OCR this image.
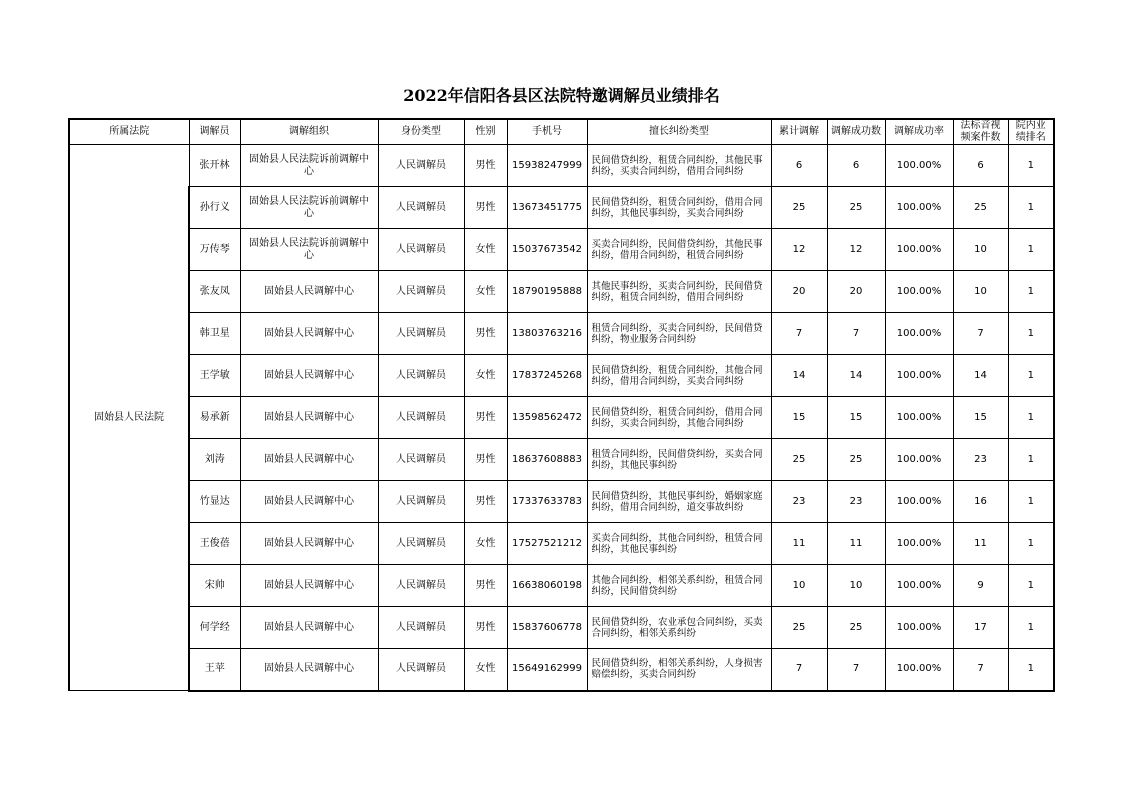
2022年信阳各县区法院特邀调解员业绩排名
所属法院	调解员	调解组织	身份类型	性别	手机号	擅长纠纷类型	累计调解	调解成功数	调解成功率	法标音视频案件数	院内业绩排名
固始县人民法院	张开林	固始县人民法院诉前调解中心	人民调解员	男性	15938247999	民间借贷纠纷，租赁合同纠纷，其他民事纠纷，买卖合同纠纷，借用合同纠纷	6	6	100.00%	6	1
	孙行义	固始县人民法院诉前调解中心	人民调解员	男性	13673451775	民间借贷纠纷，租赁合同纠纷，借用合同纠纷，其他民事纠纷，买卖合同纠纷	25	25	100.00%	25	1
	万传琴	固始县人民法院诉前调解中心	人民调解员	女性	15037673542	买卖合同纠纷，民间借贷纠纷，其他民事纠纷，借用合同纠纷，租赁合同纠纷	12	12	100.00%	10	1
	张友凤	固始县人民调解中心	人民调解员	女性	18790195888	其他民事纠纷，买卖合同纠纷，民间借贷纠纷，租赁合同纠纷，借用合同纠纷	20	20	100.00%	10	1
	韩卫星	固始县人民调解中心	人民调解员	男性	13803763216	租赁合同纠纷，买卖合同纠纷，民间借贷纠纷，物业服务合同纠纷	7	7	100.00%	7	1
	王学敏	固始县人民调解中心	人民调解员	女性	17837245268	民间借贷纠纷，租赁合同纠纷，其他合同纠纷，借用合同纠纷，买卖合同纠纷	14	14	100.00%	14	1
	易承新	固始县人民调解中心	人民调解员	男性	13598562472	民间借贷纠纷，租赁合同纠纷，借用合同纠纷，买卖合同纠纷，其他合同纠纷	15	15	100.00%	15	1
	刘涛	固始县人民调解中心	人民调解员	男性	18637608883	租赁合同纠纷，民间借贷纠纷，买卖合同纠纷，其他民事纠纷	25	25	100.00%	23	1
	竹显达	固始县人民调解中心	人民调解员	男性	17337633783	民间借贷纠纷，其他民事纠纷，婚姻家庭纠纷，借用合同纠纷，道交事故纠纷	23	23	100.00%	16	1
	王俊蓓	固始县人民调解中心	人民调解员	女性	17527521212	买卖合同纠纷，其他合同纠纷，租赁合同纠纷，其他民事纠纷	11	11	100.00%	11	1
	宋帅	固始县人民调解中心	人民调解员	男性	16638060198	其他合同纠纷，相邻关系纠纷，租赁合同纠纷，民间借贷纠纷	10	10	100.00%	9	1
	何学经	固始县人民调解中心	人民调解员	男性	15837606778	民间借贷纠纷，农业承包合同纠纷，买卖合同纠纷，相邻关系纠纷	25	25	100.00%	17	1
	王苹	固始县人民调解中心	人民调解员	女性	15649162999	民间借贷纠纷，相邻关系纠纷，人身损害赔偿纠纷，买卖合同纠纷	7	7	100.00%	7	1
